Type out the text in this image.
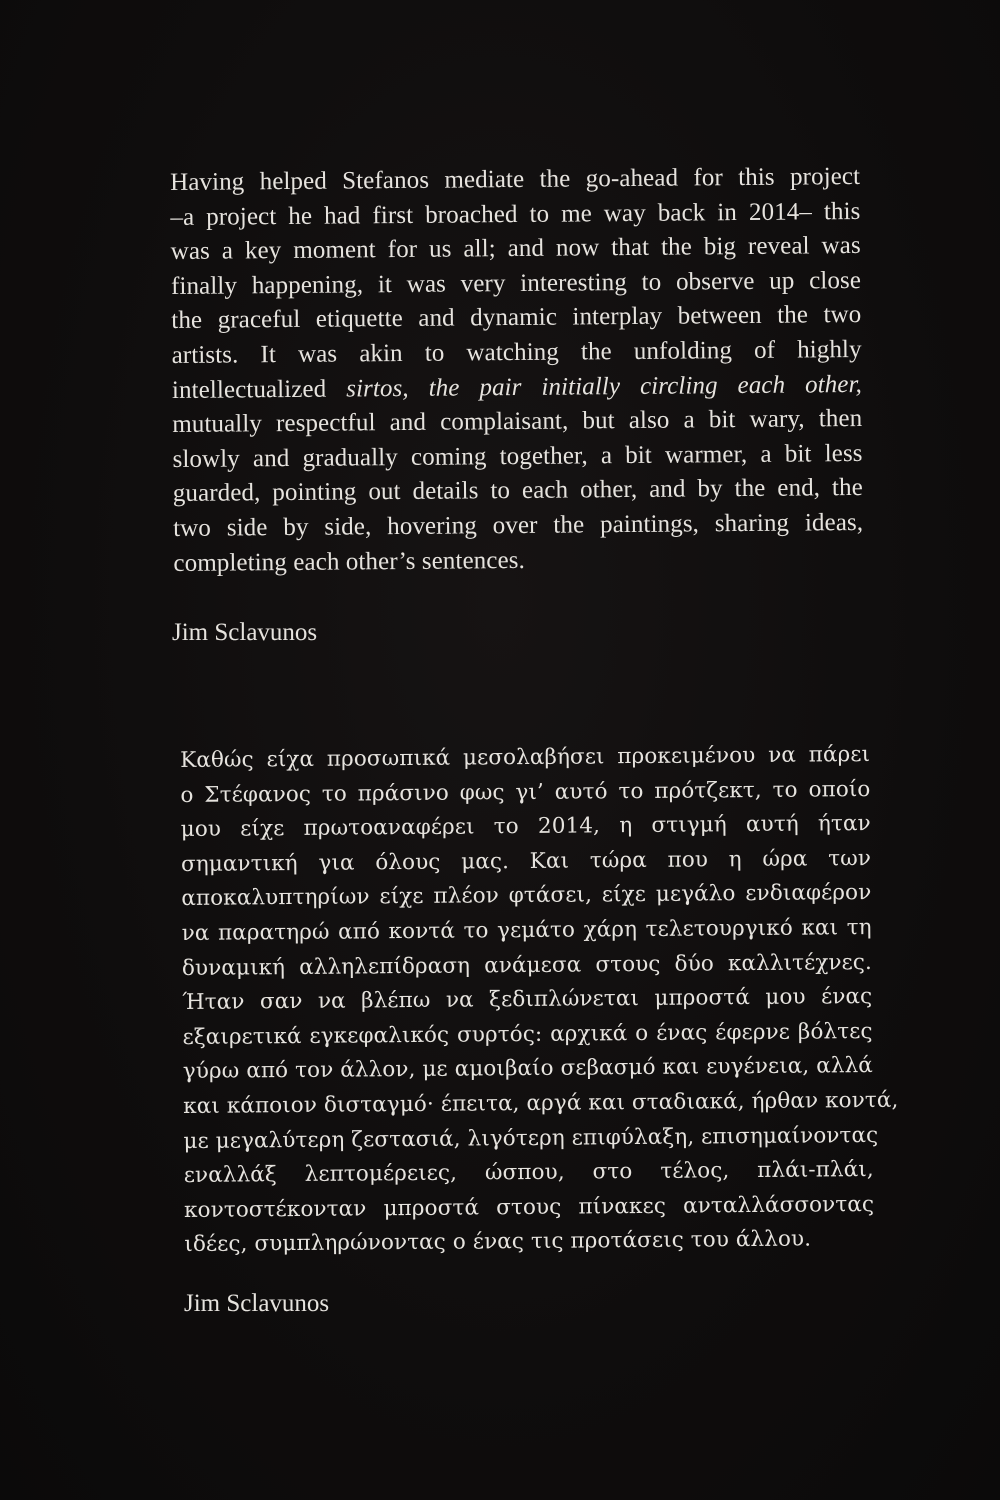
Having helped Stefanos mediate the go-ahead for this project
–a project he had first broached to me way back in 2014– this
was a key moment for us all; and now that the big reveal was
finally happening, it was very interesting to observe up close
the graceful etiquette and dynamic interplay between the two
artists. It was akin to watching the unfolding of highly
intellectualized sirtos, the pair initially circling each other,
mutually respectful and complaisant, but also a bit wary, then
slowly and gradually coming together, a bit warmer, a bit less
guarded, pointing out details to each other, and by the end, the
two side by side, hovering over the paintings, sharing ideas,
completing each other’s sentences.
Jim Sclavunos
Καθώς είχα προσωπικά μεσολαβήσει προκειμένου να πάρει
ο Στέφανος το πράσινο φως γι’ αυτό το πρότζεκτ, το οποίο
μου είχε πρωτοαναφέρει το 2014, η στιγμή αυτή ήταν
σημαντική για όλους μας. Και τώρα που η ώρα των
αποκαλυπτηρίων είχε πλέον φτάσει, είχε μεγάλο ενδιαφέρον
να παρατηρώ από κοντά το γεμάτο χάρη τελετουργικό και τη
δυναμική αλληλεπίδραση ανάμεσα στους δύο καλλιτέχνες.
Ήταν σαν να βλέπω να ξεδιπλώνεται μπροστά μου ένας
εξαιρετικά εγκεφαλικός συρτός: αρχικά ο ένας έφερνε βόλτες
γύρω από τον άλλον, με αμοιβαίο σεβασμό και ευγένεια, αλλά
και κάποιον δισταγμό· έπειτα, αργά και σταδιακά, ήρθαν κοντά,
με μεγαλύτερη ζεστασιά, λιγότερη επιφύλαξη, επισημαίνοντας
εναλλάξ λεπτομέρειες, ώσπου, στο τέλος, πλάι-πλάι,
κοντοστέκονταν μπροστά στους πίνακες ανταλλάσσοντας
ιδέες, συμπληρώνοντας ο ένας τις προτάσεις του άλλου.
Jim Sclavunos
